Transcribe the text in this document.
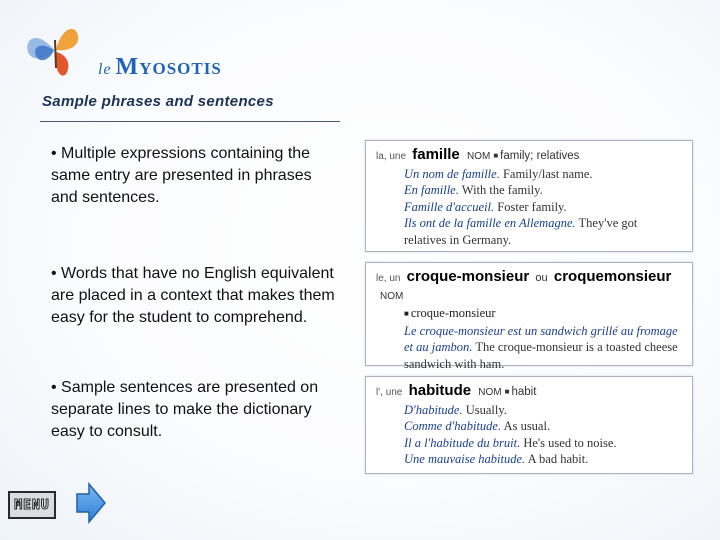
le Myosotis
Sample phrases and sentences
• Multiple expressions containing the same entry are presented in phrases and sentences.
• Words that have no English equivalent are placed in a context that makes them easy for the student to comprehend.
• Sample sentences are presented on separate lines to make the dictionary easy to consult.
la, une famille NOM ■ family; relatives
Un nom de famille. Family/last name.
En famille. With the family.
Famille d'accueil. Foster family.
Ils ont de la famille en Allemagne. They've got relatives in Germany.
le, un croque-monsieur ou croquemonsieur NOM
■ croque-monsieur
Le croque-monsieur est un sandwich grillé au fromage et au jambon. The croque-monsieur is a toasted cheese sandwich with ham.
l', une habitude NOM ■ habit
D'habitude. Usually.
Comme d'habitude. As usual.
Il a l'habitude du bruit. He's used to noise.
Une mauvaise habitude. A bad habit.
MENU
